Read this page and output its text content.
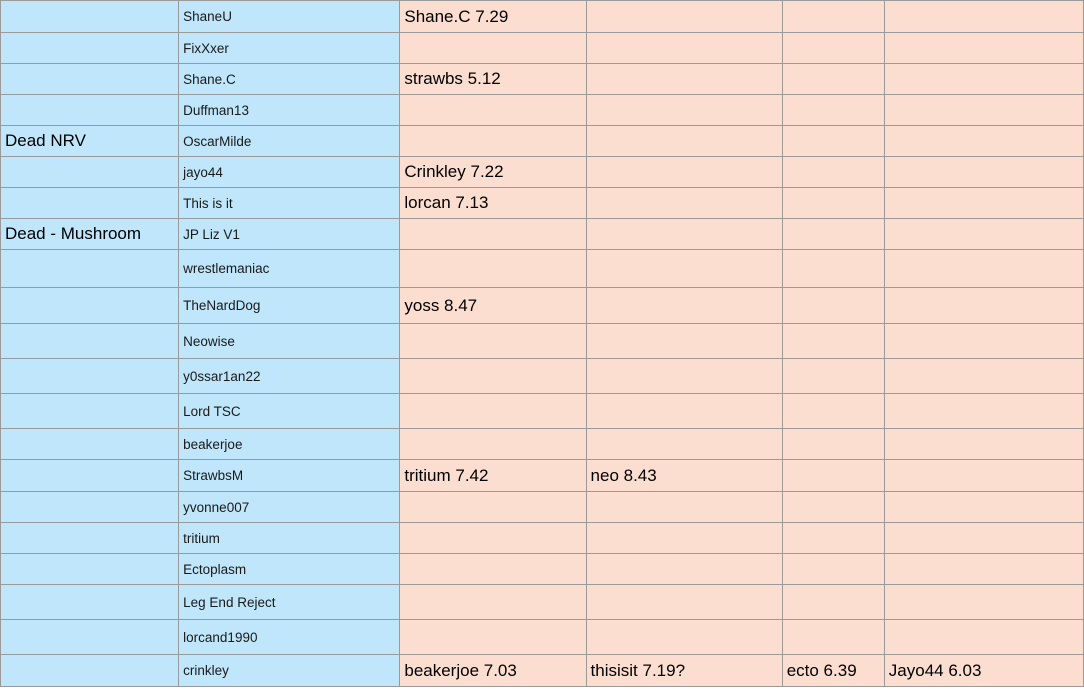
	ShaneU	Shane.C 7.29			
	FixXxer				
	Shane.C	strawbs 5.12			
	Duffman13				
Dead NRV	OscarMilde				
	jayo44	Crinkley 7.22			
	This is it	lorcan 7.13			
Dead - Mushroom	JP Liz V1				
	wrestlemaniac				
	TheNardDog	yoss 8.47			
	Neowise				
	y0ssar1an22				
	Lord TSC				
	beakerjoe				
	StrawbsM	tritium 7.42	neo 8.43		
	yvonne007				
	tritium				
	Ectoplasm				
	Leg End Reject				
	lorcand1990				
	crinkley	beakerjoe 7.03	thisisit 7.19?	ecto 6.39	Jayo44 6.03
